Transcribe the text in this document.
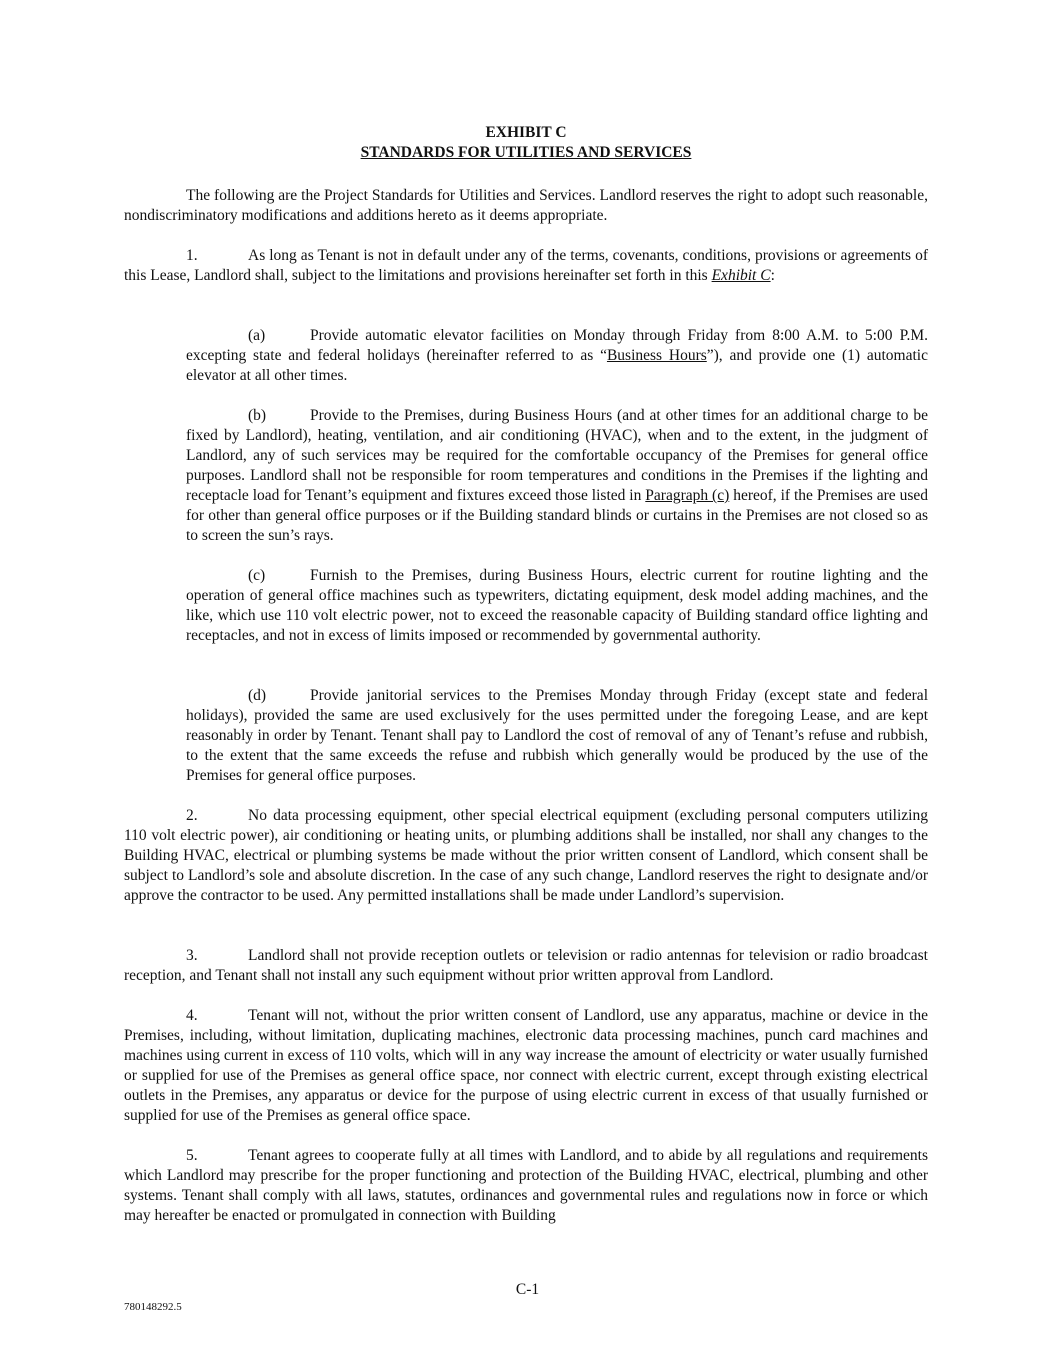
EXHIBIT C

STANDARDS FOR UTILITIES AND SERVICES

The following are the Project Standards for Utilities and Services. Landlord reserves the right to adopt such reasonable, nondiscriminatory modifications and additions hereto as it deems appropriate.

1.	As long as Tenant is not in default under any of the terms, covenants, conditions, provisions or agreements of this Lease, Landlord shall, subject to the limitations and provisions hereinafter set forth in this Exhibit C:

(a)	Provide automatic elevator facilities on Monday through Friday from 8:00 A.M. to 5:00 P.M. excepting state and federal holidays (hereinafter referred to as “Business Hours”), and provide one (1) automatic elevator at all other times.

(b)	Provide to the Premises, during Business Hours (and at other times for an additional charge to be fixed by Landlord), heating, ventilation, and air conditioning (HVAC), when and to the extent, in the judgment of Landlord, any of such services may be required for the comfortable occupancy of the Premises for general office purposes. Landlord shall not be responsible for room temperatures and conditions in the Premises if the lighting and receptacle load for Tenant’s equipment and fixtures exceed those listed in Paragraph (c) hereof, if the Premises are used for other than general office purposes or if the Building standard blinds or curtains in the Premises are not closed so as to screen the sun’s rays.

(c)	Furnish to the Premises, during Business Hours, electric current for routine lighting and the operation of general office machines such as typewriters, dictating equipment, desk model adding machines, and the like, which use 110 volt electric power, not to exceed the reasonable capacity of Building standard office lighting and receptacles, and not in excess of limits imposed or recommended by governmental authority.

(d)	Provide janitorial services to the Premises Monday through Friday (except state and federal holidays), provided the same are used exclusively for the uses permitted under the foregoing Lease, and are kept reasonably in order by Tenant. Tenant shall pay to Landlord the cost of removal of any of Tenant’s refuse and rubbish, to the extent that the same exceeds the refuse and rubbish which generally would be produced by the use of the Premises for general office purposes.

2.	No data processing equipment, other special electrical equipment (excluding personal computers utilizing 110 volt electric power), air conditioning or heating units, or plumbing additions shall be installed, nor shall any changes to the Building HVAC, electrical or plumbing systems be made without the prior written consent of Landlord, which consent shall be subject to Landlord’s sole and absolute discretion. In the case of any such change, Landlord reserves the right to designate and/or approve the contractor to be used. Any permitted installations shall be made under Landlord’s supervision.

3.	Landlord shall not provide reception outlets or television or radio antennas for television or radio broadcast reception, and Tenant shall not install any such equipment without prior written approval from Landlord.

4.	Tenant will not, without the prior written consent of Landlord, use any apparatus, machine or device in the Premises, including, without limitation, duplicating machines, electronic data processing machines, punch card machines and machines using current in excess of 110 volts, which will in any way increase the amount of electricity or water usually furnished or supplied for use of the Premises as general office space, nor connect with electric current, except through existing electrical outlets in the Premises, any apparatus or device for the purpose of using electric current in excess of that usually furnished or supplied for use of the Premises as general office space.

5.	Tenant agrees to cooperate fully at all times with Landlord, and to abide by all regulations and requirements which Landlord may prescribe for the proper functioning and protection of the Building HVAC, electrical, plumbing and other systems. Tenant shall comply with all laws, statutes, ordinances and governmental rules and regulations now in force or which may hereafter be enacted or promulgated in connection with Building

C-1
780148292.5
